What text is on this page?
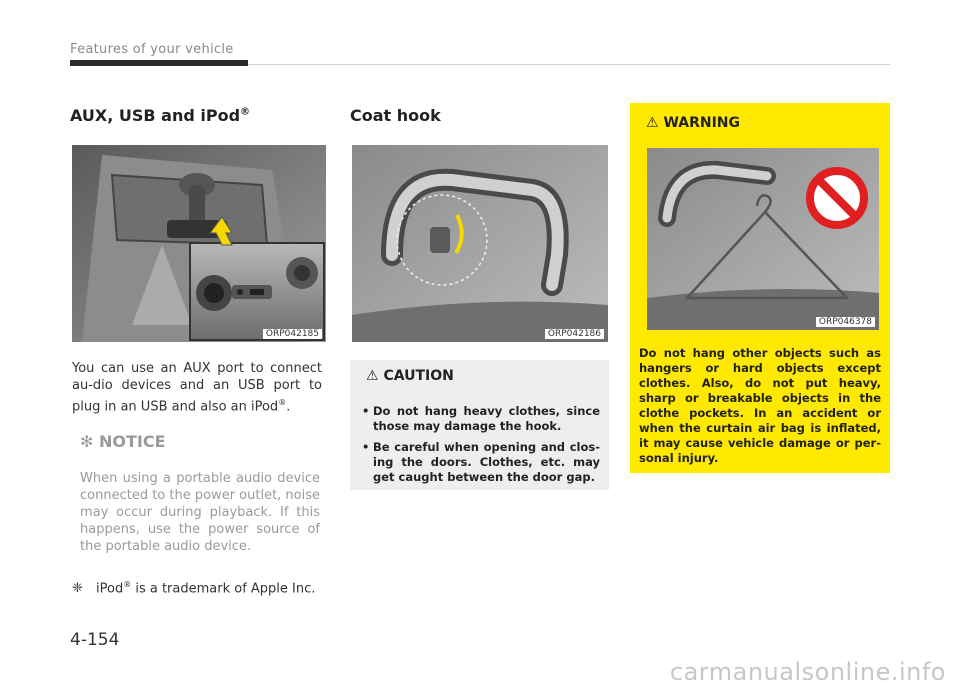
Features of your vehicle
AUX, USB and iPod®
ORP042185
You can use an AUX port to connect au-dio devices and an USB port to plug in an USB and also an iPod®.
✻ NOTICE
When using a portable audio device connected to the power outlet, noise may occur during playback. If this happens, use the power source of the portable audio device.
❈ iPod® is a trademark of Apple Inc.
Coat hook
ORP042186
⚠ CAUTION
• Do not hang heavy clothes, since those may damage the hook.
• Be careful when opening and clos-ing the doors. Clothes, etc. may get caught between the door gap.
⚠ WARNING
ORP046378
Do not hang other objects such as hangers or hard objects except clothes. Also, do not put heavy, sharp or breakable objects in the clothe pockets. In an accident or when the curtain air bag is inflated, it may cause vehicle damage or per-sonal injury.
4-154
carmanualsonline.info
